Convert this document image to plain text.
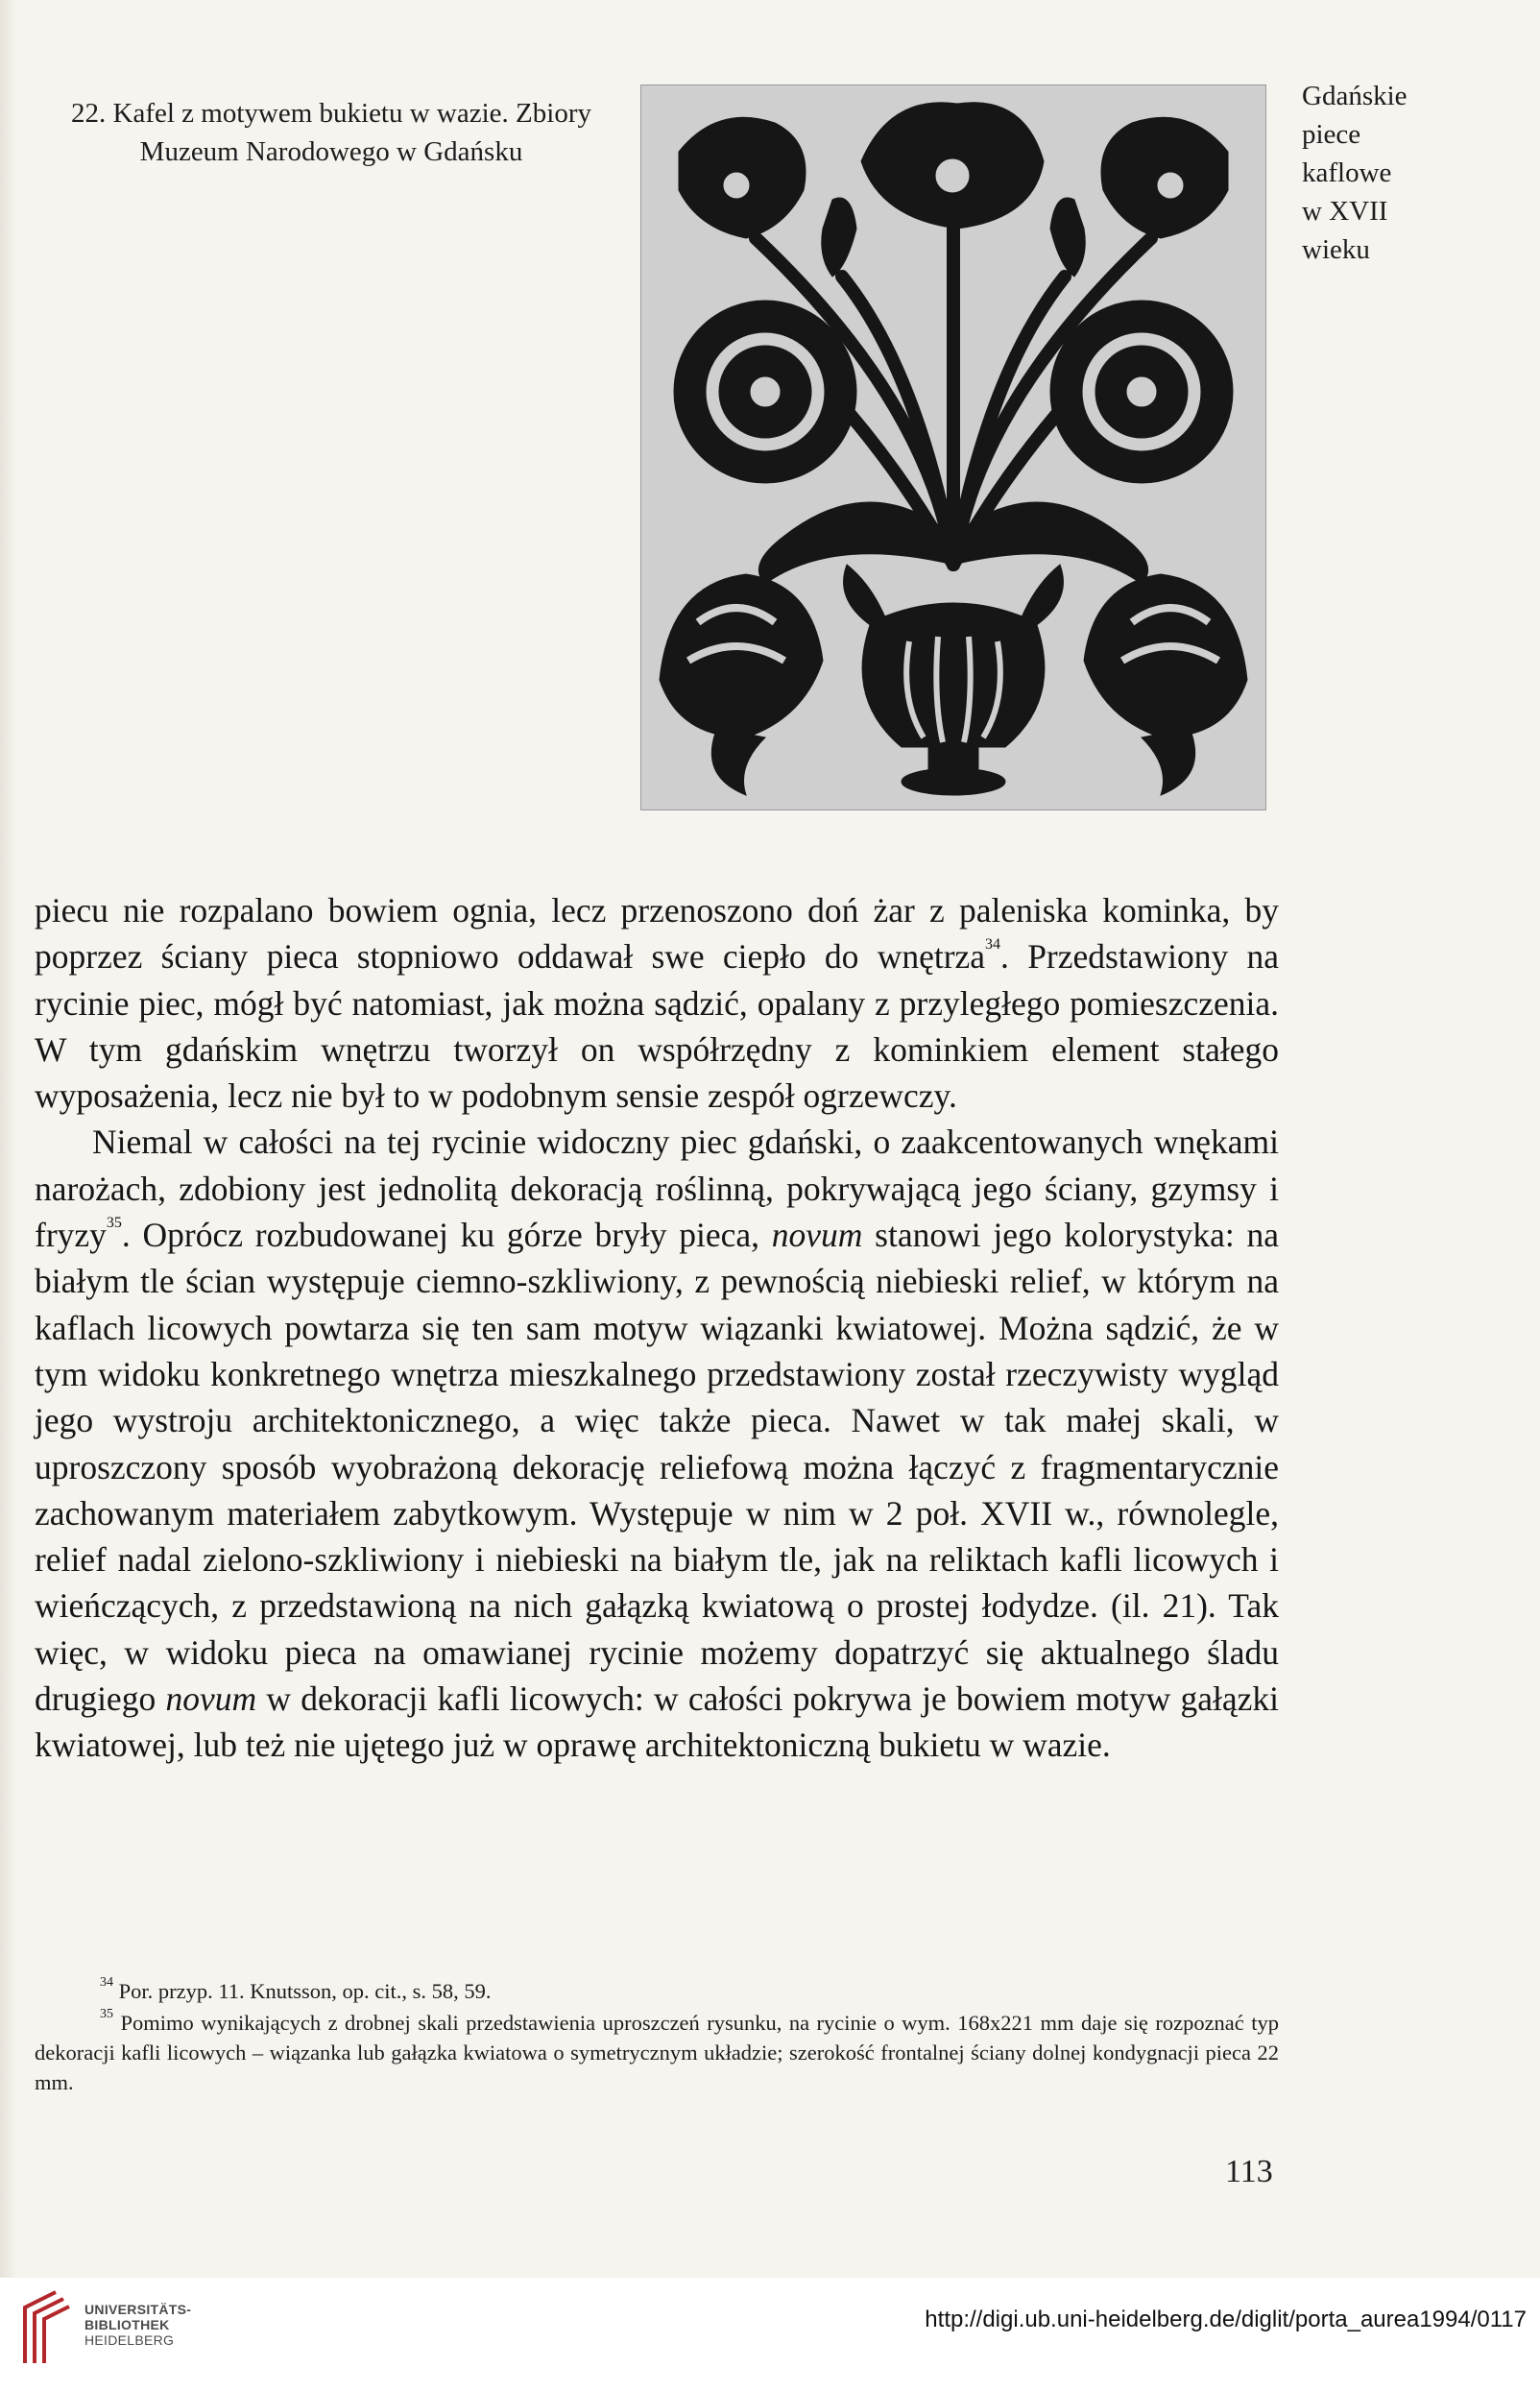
22. Kafel z motywem bukietu w wazie. Zbiory
Muzeum Narodowego w Gdańsku
Gdańskie
piece
kaflowe
w XVII
wieku

piecu nie rozpalano bowiem ognia, lecz przenoszono doń żar z paleniska kominka, by poprzez ściany pieca stopniowo oddawał swe ciepło do wnętrza$^{34}$. Przedstawiony na rycinie piec, mógł być natomiast, jak można sądzić, opalany z przyległego pomieszczenia. W tym gdańskim wnętrzu tworzył on współrzędny z kominkiem element stałego wyposażenia, lecz nie był to w podobnym sensie zespół ogrzewczy.

Niemal w całości na tej rycinie widoczny piec gdański, o zaakcentowanych wnękami narożach, zdobiony jest jednolitą dekoracją roślinną, pokrywającą jego ściany, gzymsy i fryzy$^{35}$. Oprócz rozbudowanej ku górze bryły pieca, novum stanowi jego kolorystyka: na białym tle ścian występuje ciemno-szkliwiony, z pewnością niebieski relief, w którym na kaflach licowych powtarza się ten sam motyw wiązanki kwiatowej. Można sądzić, że w tym widoku konkretnego wnętrza mieszkalnego przedstawiony został rzeczywisty wygląd jego wystroju architektonicznego, a więc także pieca. Nawet w tak małej skali, w uproszczony sposób wyobrażoną dekorację reliefową można łączyć z fragmentarycznie zachowanym materiałem zabytkowym. Występuje w nim w 2 poł. XVII w., równolegle, relief nadal zielono-szkliwiony i niebieski na białym tle, jak na reliktach kafli licowych i wieńczących, z przedstawioną na nich gałązką kwiatową o prostej łodydze. (il. 21). Tak więc, w widoku pieca na omawianej rycinie możemy dopatrzyć się aktualnego śladu drugiego novum w dekoracji kafli licowych: w całości pokrywa je bowiem motyw gałązki kwiatowej, lub też nie ujętego już w oprawę architektoniczną bukietu w wazie.

$^{34}$ Por. przyp. 11. Knutsson, op. cit., s. 58, 59.

$^{35}$ Pomimo wynikających z drobnej skali przedstawienia uproszczeń rysunku, na rycinie o wym. 168x221 mm daje się rozpoznać typ dekoracji kafli licowych – wiązanka lub gałązka kwiatowa o symetrycznym układzie; szerokość frontalnej ściany dolnej kondygnacji pieca 22 mm.

113
UNIVERSITÄTS-
BIBLIOTHEK
HEIDELBERG
http://digi.ub.uni-heidelberg.de/diglit/porta_aurea1994/0117
